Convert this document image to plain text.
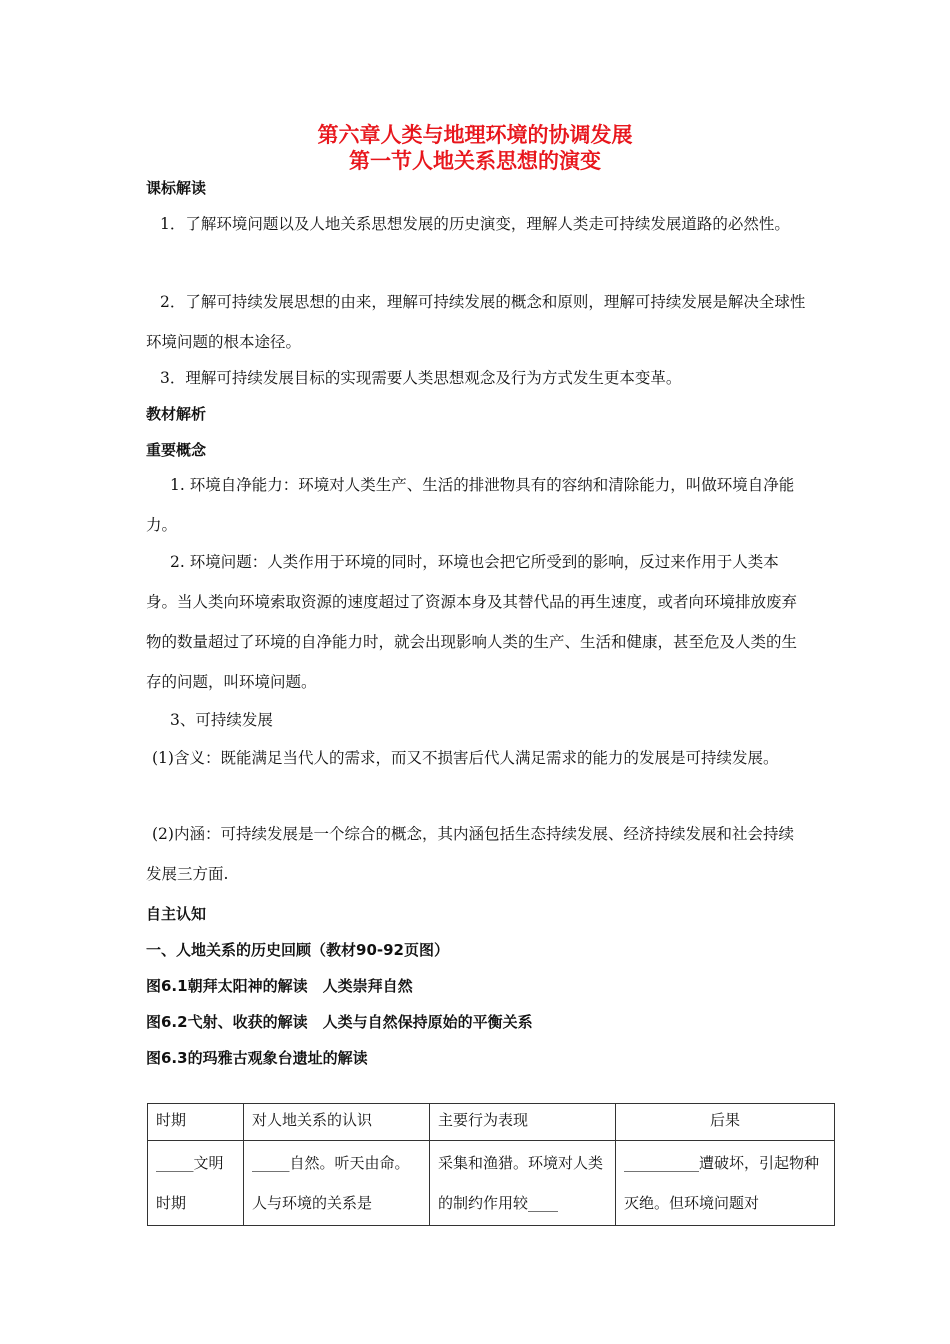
第六章人类与地理环境的协调发展
第一节人地关系思想的演变
课标解读

1．了解环境问题以及人地关系思想发展的历史演变，理解人类走可持续发展道路的必然性。

2．了解可持续发展思想的由来，理解可持续发展的概念和原则，理解可持续发展是解决全球性环境问题的根本途径。

3．理解可持续发展目标的实现需要人类思想观念及行为方式发生更本变革。

教材解析
重要概念

1. 环境自净能力：环境对人类生产、生活的排泄物具有的容纳和清除能力，叫做环境自净能力。

2. 环境问题：人类作用于环境的同时，环境也会把它所受到的影响，反过来作用于人类本身。当人类向环境索取资源的速度超过了资源本身及其替代品的再生速度，或者向环境排放废弃物的数量超过了环境的自净能力时，就会出现影响人类的生产、生活和健康，甚至危及人类的生存的问题，叫环境问题。

3、可持续发展

(1)含义：既能满足当代人的需求，而又不损害后代人满足需求的能力的发展是可持续发展。

(2)内涵：可持续发展是一个综合的概念，其内涵包括生态持续发展、经济持续发展和社会持续发展三方面.

自主认知
一、人地关系的历史回顾（教材90-92页图）
图6.1朝拜太阳神的解读　人类崇拜自然
图6.2弋射、收获的解读　人类与自然保持原始的平衡关系
图6.3的玛雅古观象台遗址的解读
时期	对人地关系的认识	主要行为表现	后果
_____文明时期	_____自然。听天由命。人与环境的关系是	采集和渔猎。环境对人类的制约作用较____	__________遭破坏，引起物种灭绝。但环境问题对
